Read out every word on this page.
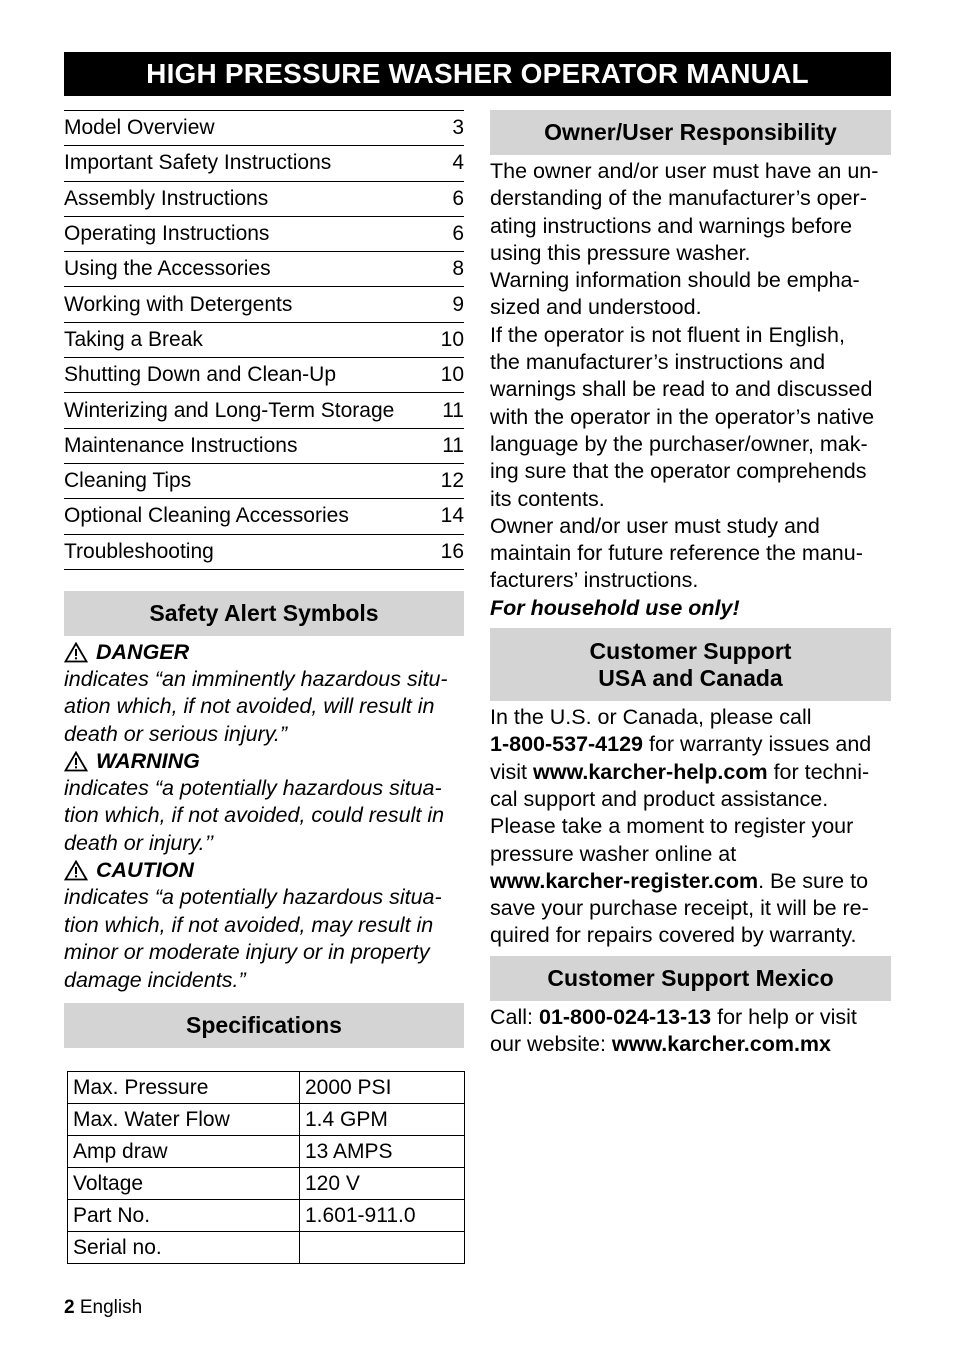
HIGH PRESSURE WASHER OPERATOR MANUAL
Model Overview	3
Important Safety Instructions	4
Assembly Instructions	6
Operating Instructions	6
Using the Accessories	8
Working with Detergents	9
Taking a Break	10
Shutting Down and Clean-Up	10
Winterizing and Long-Term Storage 11
Maintenance Instructions	11
Cleaning Tips	12
Optional Cleaning Accessories	14
Troubleshooting	16
Safety Alert Symbols
DANGER
indicates “an imminently hazardous situ-
ation which, if not avoided, will result in
death or serious injury.”
WARNING
indicates “a potentially hazardous situa-
tion which, if not avoided, could result in
death or injury.’’
CAUTION
indicates “a potentially hazardous situa-
tion which, if not avoided, may result in
minor or moderate injury or in property
damage incidents.”
Specifications
Max. Pressure	2000 PSI
Max. Water Flow	1.4 GPM
Amp draw	13 AMPS
Voltage	120 V
Part No.	1.601-911.0
Serial no.	
Owner/User Responsibility
The owner and/or user must have an un-
derstanding of the manufacturer’s oper-
ating instructions and warnings before
using this pressure washer.
Warning information should be empha-
sized and understood.
If the operator is not fluent in English,
the manufacturer’s instructions and
warnings shall be read to and discussed
with the operator in the operator’s native
language by the purchaser/owner, mak-
ing sure that the operator comprehends
its contents.
Owner and/or user must study and
maintain for future reference the manu-
facturers’ instructions.
For household use only!
Customer Support
USA and Canada
In the U.S. or Canada, please call
1-800-537-4129 for warranty issues and
visit www.karcher-help.com for techni-
cal support and product assistance.
Please take a moment to register your
pressure washer online at
www.karcher-register.com. Be sure to
save your purchase receipt, it will be re-
quired for repairs covered by warranty.
Customer Support Mexico
Call: 01-800-024-13-13 for help or visit
our website: www.karcher.com.mx
2 English
